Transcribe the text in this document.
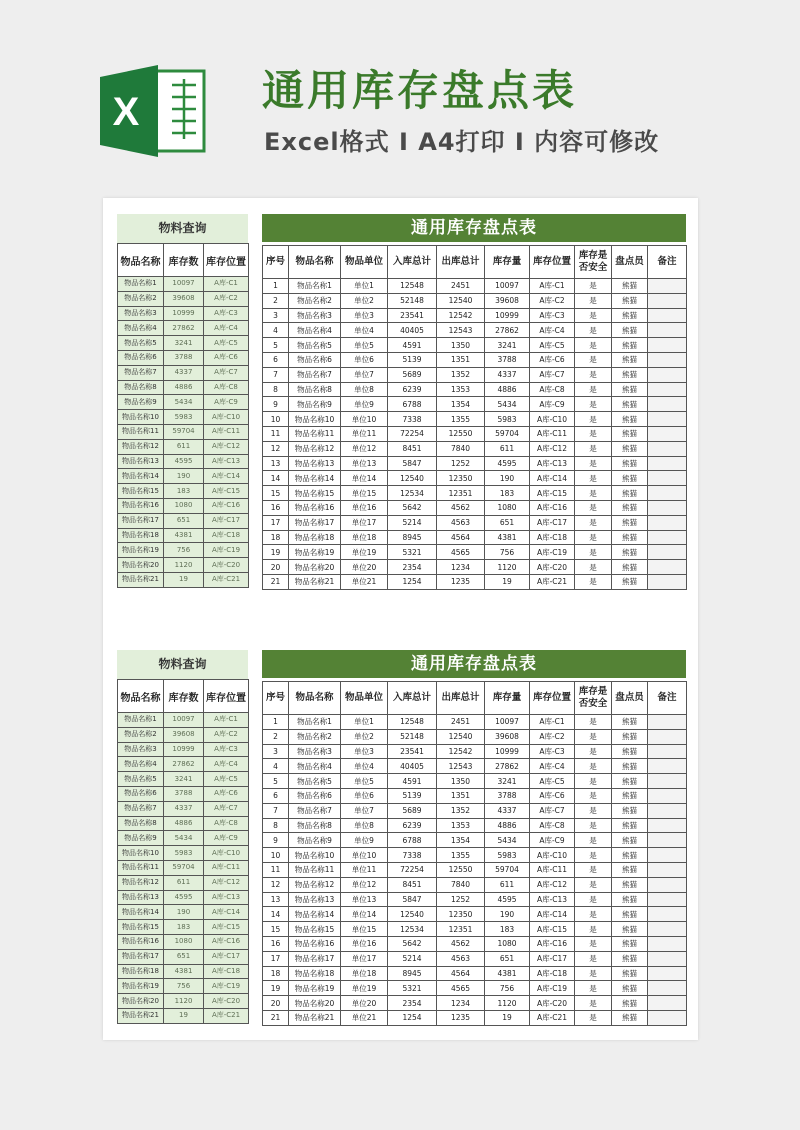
X	通用库存盘点表
Excel格式 I A4打印 I 内容可修改
物料查询
物品名称	库存数	库存位置
物品名称1	10097	A库-C1
物品名称2	39608	A库-C2
物品名称3	10999	A库-C3
物品名称4	27862	A库-C4
物品名称5	3241	A库-C5
物品名称6	3788	A库-C6
物品名称7	4337	A库-C7
物品名称8	4886	A库-C8
物品名称9	5434	A库-C9
物品名称10	5983	A库-C10
物品名称11	59704	A库-C11
物品名称12	611	A库-C12
物品名称13	4595	A库-C13
物品名称14	190	A库-C14
物品名称15	183	A库-C15
物品名称16	1080	A库-C16
物品名称17	651	A库-C17
物品名称18	4381	A库-C18
物品名称19	756	A库-C19
物品名称20	1120	A库-C20
物品名称21	19	A库-C21
通用库存盘点表
序号	物品名称	物品单位	入库总计	出库总计	库存量	库存位置	库存是否安全	盘点员	备注
1	物品名称1	单位1	12548	2451	10097	A库-C1	是	熊猫	
2	物品名称2	单位2	52148	12540	39608	A库-C2	是	熊猫	
3	物品名称3	单位3	23541	12542	10999	A库-C3	是	熊猫	
4	物品名称4	单位4	40405	12543	27862	A库-C4	是	熊猫	
5	物品名称5	单位5	4591	1350	3241	A库-C5	是	熊猫	
6	物品名称6	单位6	5139	1351	3788	A库-C6	是	熊猫	
7	物品名称7	单位7	5689	1352	4337	A库-C7	是	熊猫	
8	物品名称8	单位8	6239	1353	4886	A库-C8	是	熊猫	
9	物品名称9	单位9	6788	1354	5434	A库-C9	是	熊猫	
10	物品名称10	单位10	7338	1355	5983	A库-C10	是	熊猫	
11	物品名称11	单位11	72254	12550	59704	A库-C11	是	熊猫	
12	物品名称12	单位12	8451	7840	611	A库-C12	是	熊猫	
13	物品名称13	单位13	5847	1252	4595	A库-C13	是	熊猫	
14	物品名称14	单位14	12540	12350	190	A库-C14	是	熊猫	
15	物品名称15	单位15	12534	12351	183	A库-C15	是	熊猫	
16	物品名称16	单位16	5642	4562	1080	A库-C16	是	熊猫	
17	物品名称17	单位17	5214	4563	651	A库-C17	是	熊猫	
18	物品名称18	单位18	8945	4564	4381	A库-C18	是	熊猫	
19	物品名称19	单位19	5321	4565	756	A库-C19	是	熊猫	
20	物品名称20	单位20	2354	1234	1120	A库-C20	是	熊猫	
21	物品名称21	单位21	1254	1235	19	A库-C21	是	熊猫	
物料查询
物品名称	库存数	库存位置
物品名称1	10097	A库-C1
物品名称2	39608	A库-C2
物品名称3	10999	A库-C3
物品名称4	27862	A库-C4
物品名称5	3241	A库-C5
物品名称6	3788	A库-C6
物品名称7	4337	A库-C7
物品名称8	4886	A库-C8
物品名称9	5434	A库-C9
物品名称10	5983	A库-C10
物品名称11	59704	A库-C11
物品名称12	611	A库-C12
物品名称13	4595	A库-C13
物品名称14	190	A库-C14
物品名称15	183	A库-C15
物品名称16	1080	A库-C16
物品名称17	651	A库-C17
物品名称18	4381	A库-C18
物品名称19	756	A库-C19
物品名称20	1120	A库-C20
物品名称21	19	A库-C21
通用库存盘点表
序号	物品名称	物品单位	入库总计	出库总计	库存量	库存位置	库存是否安全	盘点员	备注
1	物品名称1	单位1	12548	2451	10097	A库-C1	是	熊猫	
2	物品名称2	单位2	52148	12540	39608	A库-C2	是	熊猫	
3	物品名称3	单位3	23541	12542	10999	A库-C3	是	熊猫	
4	物品名称4	单位4	40405	12543	27862	A库-C4	是	熊猫	
5	物品名称5	单位5	4591	1350	3241	A库-C5	是	熊猫	
6	物品名称6	单位6	5139	1351	3788	A库-C6	是	熊猫	
7	物品名称7	单位7	5689	1352	4337	A库-C7	是	熊猫	
8	物品名称8	单位8	6239	1353	4886	A库-C8	是	熊猫	
9	物品名称9	单位9	6788	1354	5434	A库-C9	是	熊猫	
10	物品名称10	单位10	7338	1355	5983	A库-C10	是	熊猫	
11	物品名称11	单位11	72254	12550	59704	A库-C11	是	熊猫	
12	物品名称12	单位12	8451	7840	611	A库-C12	是	熊猫	
13	物品名称13	单位13	5847	1252	4595	A库-C13	是	熊猫	
14	物品名称14	单位14	12540	12350	190	A库-C14	是	熊猫	
15	物品名称15	单位15	12534	12351	183	A库-C15	是	熊猫	
16	物品名称16	单位16	5642	4562	1080	A库-C16	是	熊猫	
17	物品名称17	单位17	5214	4563	651	A库-C17	是	熊猫	
18	物品名称18	单位18	8945	4564	4381	A库-C18	是	熊猫	
19	物品名称19	单位19	5321	4565	756	A库-C19	是	熊猫	
20	物品名称20	单位20	2354	1234	1120	A库-C20	是	熊猫	
21	物品名称21	单位21	1254	1235	19	A库-C21	是	熊猫	
